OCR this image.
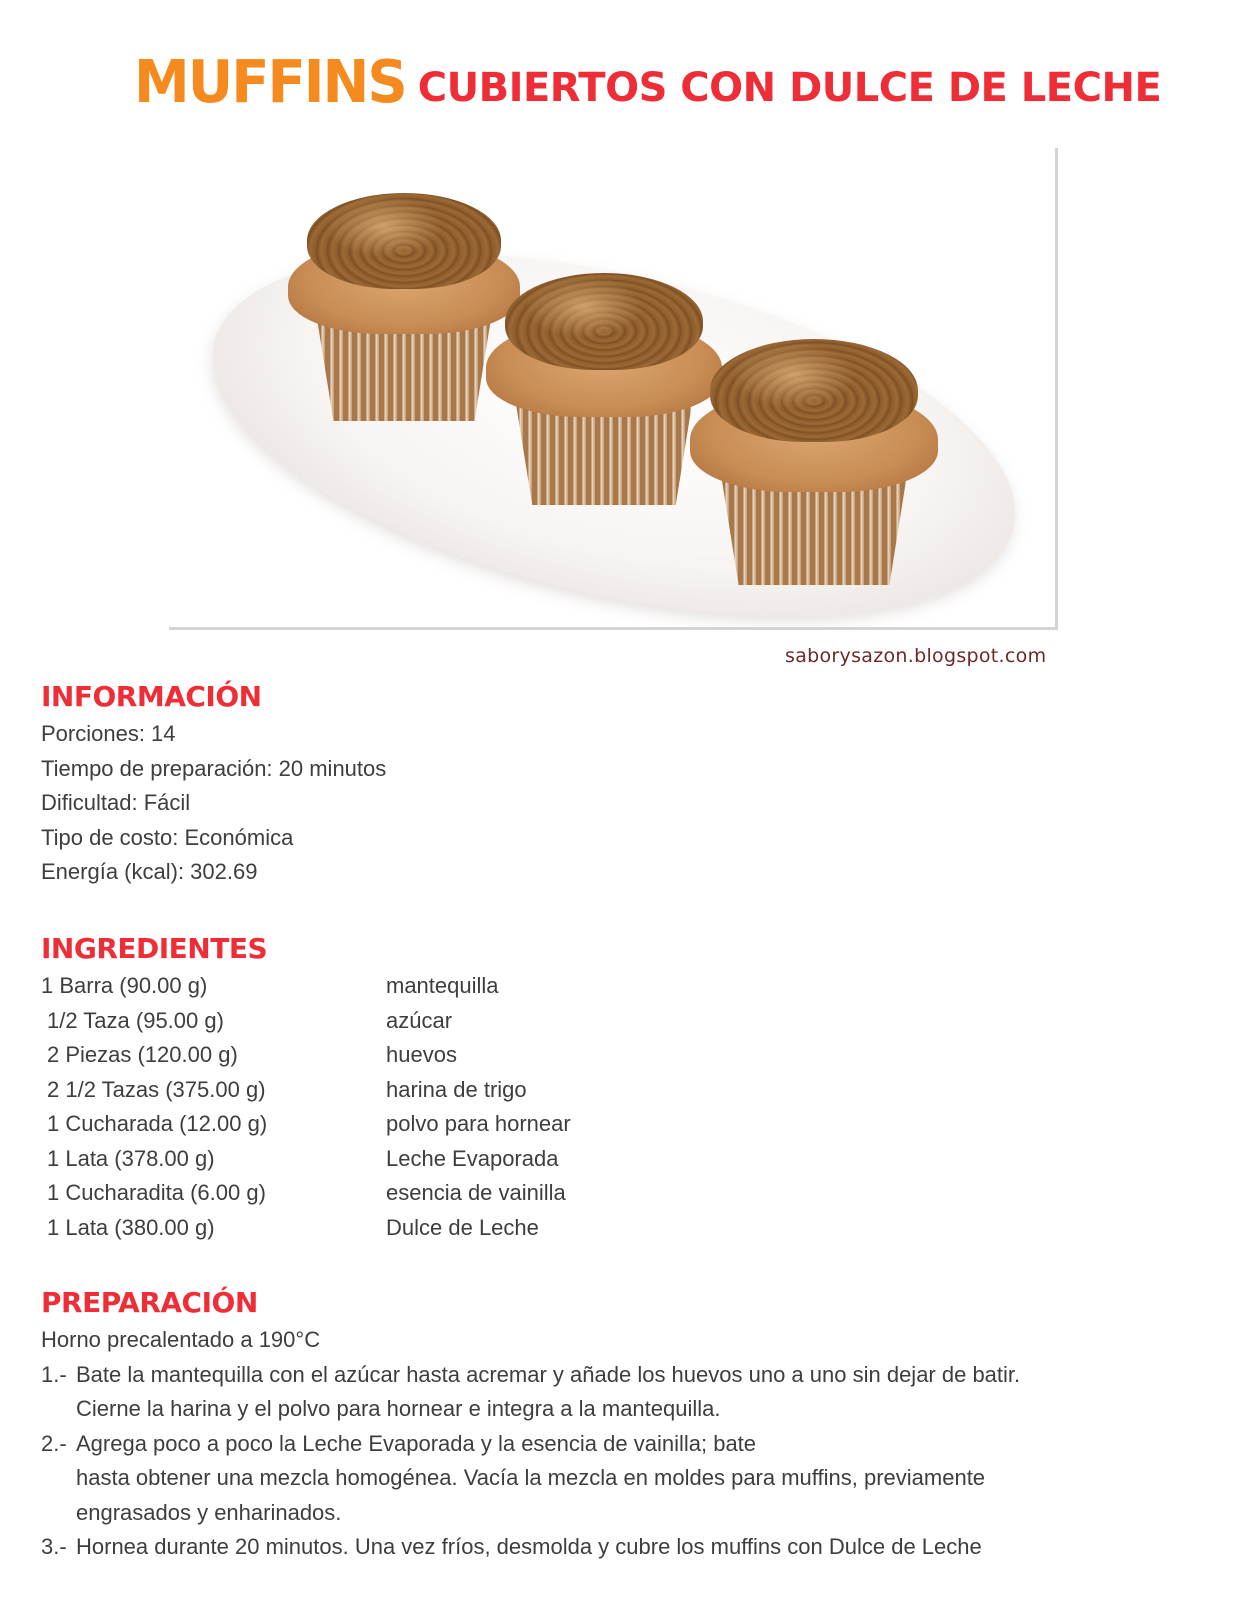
MUFFINS CUBIERTOS CON DULCE DE LECHE
saborysazon.blogspot.com
INFORMACIÓN
Porciones: 14
Tiempo de preparación: 20 minutos
Dificultad: Fácil
Tipo de costo: Económica
Energía (kcal): 302.69
INGREDIENTES
1 Barra (90.00 g)	mantequilla
1/2 Taza (95.00 g)	azúcar
2 Piezas (120.00 g)	huevos
2 1/2 Tazas (375.00 g)	harina de trigo
1 Cucharada (12.00 g)	polvo para hornear
1 Lata (378.00 g)	Leche Evaporada
1 Cucharadita (6.00 g)	esencia de vainilla
1 Lata (380.00 g)	Dulce de Leche
PREPARACIÓN
Horno precalentado a 190°C
1.- Bate la mantequilla con el azúcar hasta acremar y añade los huevos uno a uno sin dejar de batir.
Cierne la harina y el polvo para hornear e integra a la mantequilla.
2.- Agrega poco a poco la Leche Evaporada y la esencia de vainilla; bate
hasta obtener una mezcla homogénea. Vacía la mezcla en moldes para muffins, previamente
engrasados y enharinados.
3.- Hornea durante 20 minutos. Una vez fríos, desmolda y cubre los muffins con Dulce de Leche
